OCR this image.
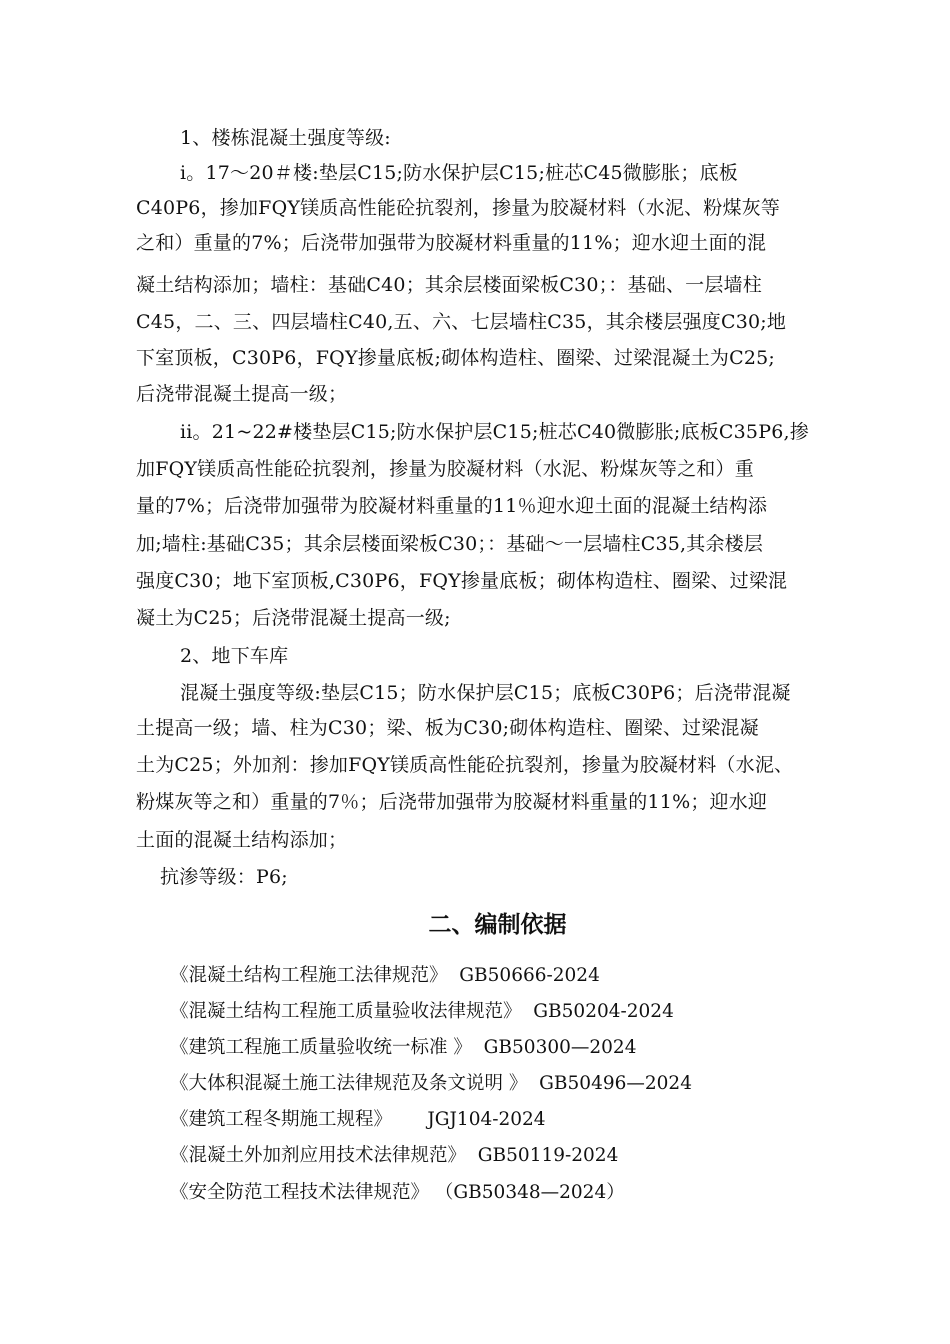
1、楼栋混凝土强度等级:
i。17～20＃楼:垫层C15;防水保护层C15;桩芯C45微膨胀；底板
C40P6，掺加FQY镁质高性能砼抗裂剂，掺量为胶凝材料（水泥、粉煤灰等
之和）重量的7%；后浇带加强带为胶凝材料重量的11%；迎水迎土面的混
凝土结构添加；墙柱：基础C40；其余层楼面梁板C30；：基础、一层墙柱
C45，二、三、四层墙柱C40,五、六、七层墙柱C35，其余楼层强度C30;地
下室顶板，C30P6，FQY掺量底板;砌体构造柱、圈梁、过梁混凝土为C25;
后浇带混凝土提高一级；
ii。21~22#楼垫层C15;防水保护层C15;桩芯C40微膨胀;底板C35P6,掺
加FQY镁质高性能砼抗裂剂，掺量为胶凝材料（水泥、粉煤灰等之和）重
量的7%；后浇带加强带为胶凝材料重量的11％迎水迎土面的混凝土结构添
加;墙柱:基础C35；其余层楼面梁板C30；：基础～一层墙柱C35,其余楼层
强度C30；地下室顶板,C30P6，FQY掺量底板；砌体构造柱、圈梁、过梁混
凝土为C25；后浇带混凝土提高一级;
2、地下车库
混凝土强度等级:垫层C15；防水保护层C15；底板C30P6；后浇带混凝
土提高一级；墙、柱为C30；梁、板为C30;砌体构造柱、圈梁、过梁混凝
土为C25；外加剂：掺加FQY镁质高性能砼抗裂剂，掺量为胶凝材料（水泥、
粉煤灰等之和）重量的7％；后浇带加强带为胶凝材料重量的11%；迎水迎
土面的混凝土结构添加；
抗渗等级：P6;
二、编制依据
《混凝土结构工程施工法律规范》 GB50666-2024
《混凝土结构工程施工质量验收法律规范》 GB50204-2024
《建筑工程施工质量验收统一标准 》 GB50300—2024
《大体积混凝土施工法律规范及条文说明 》 GB50496—2024
《建筑工程冬期施工规程》 JGJ104-2024
《混凝土外加剂应用技术法律规范》 GB50119-2024
《安全防范工程技术法律规范》 （GB50348—2024）
